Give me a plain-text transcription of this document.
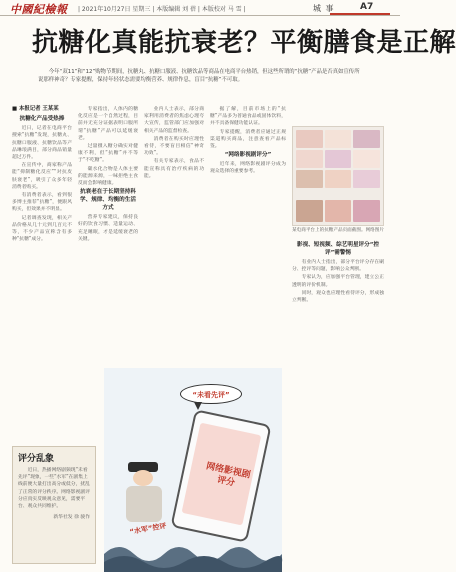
中國紀檢報 | 2021年10月27日 星期三 | 本版编辑 刘 蓓 | 本版校对 马 雪 |	城 事	A7
抗糖化真能抗衰老？平衡膳食是正解

今年“双11”和“12”购物节期间，抗糖丸、抗糖口服液、抗糖饮品等商品在电商平台热销，但这些所谓的“抗糖”产品是否真如宣传所说那样神奇？专家提醒，保持年轻状态需要均衡营养、规律作息，盲目“抗糖”不可取。

■ 本报记者 王某某

抗糖化产品受热捧

近日，记者在电商平台搜索“抗糖”发现，抗糖丸、抗糖口服液、抗糖饮品等产品琳琅满目，部分商品销量超过万件。

在宣传中，商家称产品能“抑制糖化反应”“对抗皮肤衰老”，吸引了众多年轻消费者购买。

有消费者表示，看到很多博主推荐“抗糖”，便跟风购买，但效果并不明显。

记者调查发现，相关产品价格从几十元到几百元不等，不少产品宣称含有多种“抗糖”成分。

专家指出，人体内的糖化反应是一个自然过程，目前并无充分证据表明口服所谓“抗糖”产品可以延缓衰老。

过量摄入糖分确实对健康不利，但“抗糖”并不等于“不吃糖”。

碳水化合物是人体主要的能源来源，一味拒绝主食反而会影响健康。

抗衰老在于长期坚持科学、规律、均衡的生活方式

营养专家建议，保持良好的饮食习惯、适量运动、充足睡眠，才是延缓衰老的关键。

业内人士表示，部分商家利用消费者的焦虑心理夸大宣传，监管部门应加强对相关产品的监督检查。

消费者在购买时应理性看待，不要盲目相信“神奇功效”。

有关专家表示，食品不能宣称具有治疗疾病的功能。

据了解，目前市场上的“抗糖”产品多为普通食品或固体饮料，并不具备保健功能认证。

专家提醒，消费者应通过正规渠道购买商品，注意查看产品标签。

“网络影视剧评分”

近年来，网络影视剧评分成为观众选择的重要参考。

某电商平台上的抗糖产品页面截图。网络图片

影视、短视频、综艺明星评分“控评”需警惕

有业内人士指出，部分平台评分存在刷分、控评等问题，影响公众判断。

专家认为，应加强平台管理，建立公正透明的评价机制。

同时，观众也应理性看待评分，形成独立判断。

“未看先评”
网络影视剧评分
“水军”控评
评分乱象
近日，热播网络剧频现“未看先评”现象，一些“水军”在剧集上线前便大量打出高分或低分，扰乱了正常的评分秩序。网络影视剧评分应真实反映观众意见，需要平台、观众共同维护。
新华社发 徐 骏作
